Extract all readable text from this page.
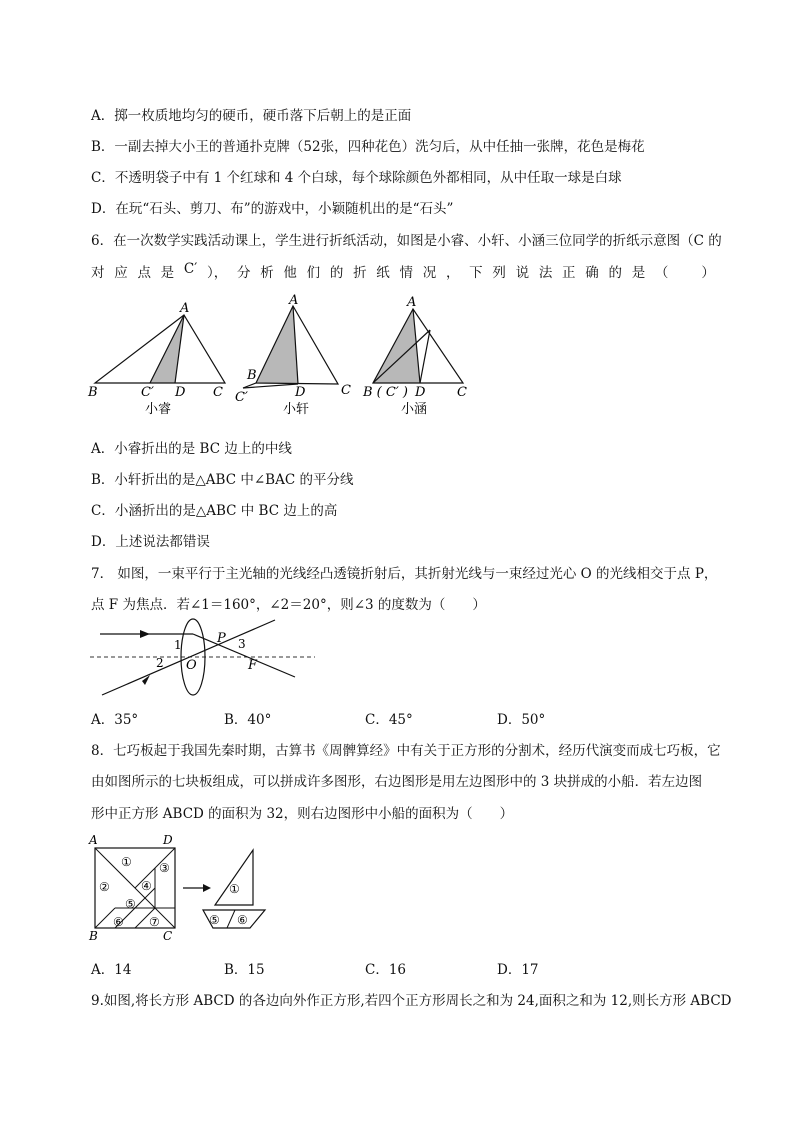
A．掷一枚质地均匀的硬币，硬币落下后朝上的是正面
B．一副去掉大小王的普通扑克牌（52张，四种花色）洗匀后，从中任抽一张牌，花色是梅花
C．不透明袋子中有 1 个红球和 4 个白球，每个球除颜色外都相同，从中任取一球是白球
D．在玩“石头、剪刀、布”的游戏中，小颖随机出的是“石头”
6．在一次数学实践活动课上，学生进行折纸活动，如图是小睿、小轩、小涵三位同学的折纸示意图（C 的
对 应 点 是 C′ ）， 分 析 他 们 的 折 纸 情 况 ， 下 列 说 法 正 确 的 是 （
　 ）
A
B	C′ D C
小睿
A
B
C′	D	C
小轩
A
B ( C′ ) D C
小涵
A．小睿折出的是 BC 边上的中线
B．小轩折出的是△ABC 中∠BAC 的平分线
C．小涵折出的是△ABC 中 BC 边上的高
D．上述说法都错误
7． 如图，一束平行于主光轴的光线经凸透镜折射后，其折射光线与一束经过光心 O 的光线相交于点 P，
点 F 为焦点．若∠1＝160°，∠2＝20°，则∠3 的度数为（　　）
1
2
3
P
O	F
A．35°	B．40°	C．45°	D．50°
8．七巧板起于我国先秦时期，古算书《周髀算经》中有关于正方形的分割术，经历代演变而成七巧板，它
由如图所示的七块板组成，可以拼成许多图形，右边图形是用左边图形中的 3 块拼成的小船．若左边图
形中正方形 ABCD 的面积为 32，则右边图形中小船的面积为（　　）
A	D
B	C
①
②
③
④
⑤
⑥ ⑦
①
⑤ ⑥
A．14	B．15	C．16	D．17
9.如图,将长方形 ABCD 的各边向外作正方形,若四个正方形周长之和为 24,面积之和为 12,则长方形 ABCD
